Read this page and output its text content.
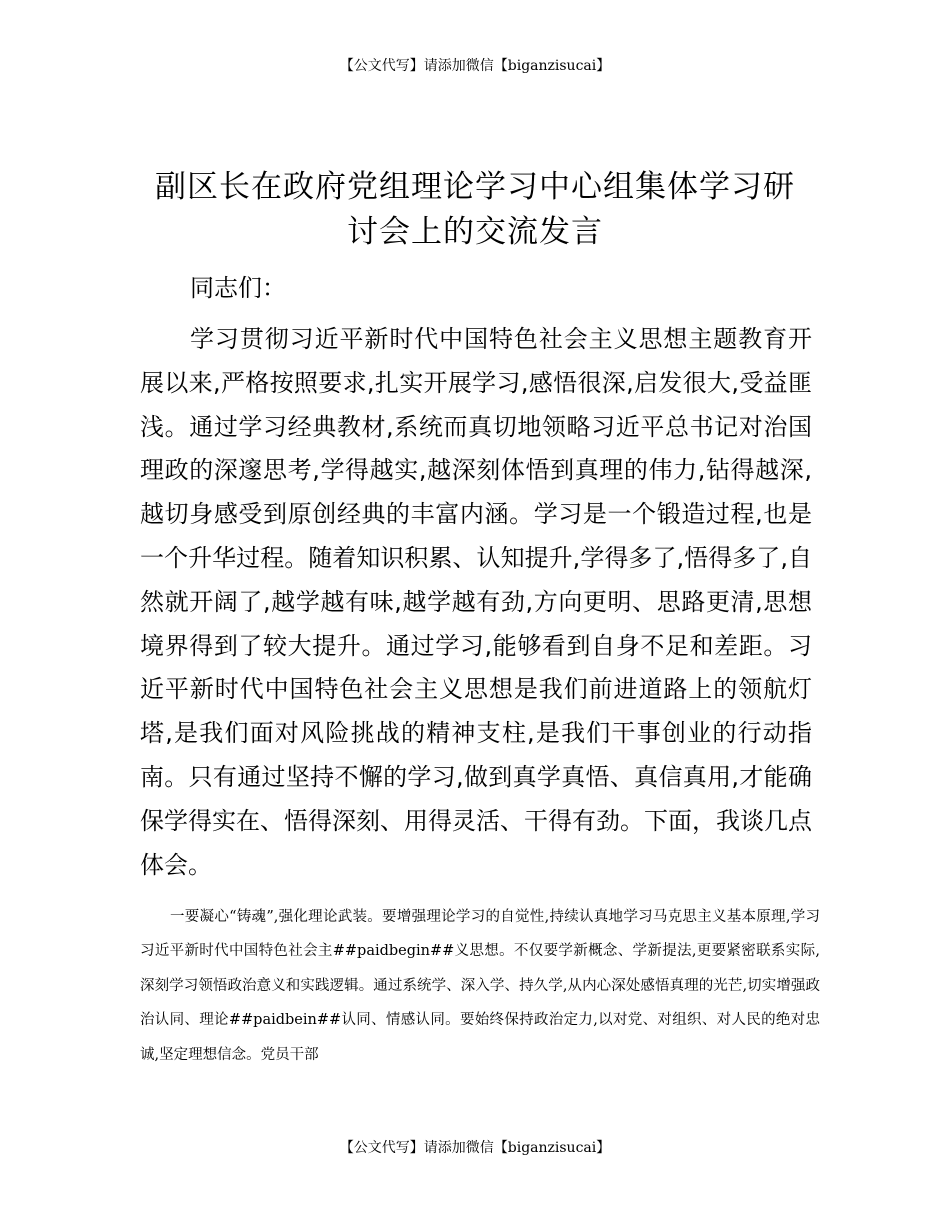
【公文代写】请添加微信【biganzisucai】
副区长在政府党组理论学习中心组集体学习研讨会上的交流发言
同志们：

学习贯彻习近平新时代中国特色社会主义思想主题教育开展以来,严格按照要求,扎实开展学习,感悟很深,启发很大,受益匪浅。通过学习经典教材,系统而真切地领略习近平总书记对治国理政的深邃思考,学得越实,越深刻体悟到真理的伟力,钻得越深,越切身感受到原创经典的丰富内涵。学习是一个锻造过程,也是一个升华过程。随着知识积累、认知提升,学得多了,悟得多了,自然就开阔了,越学越有味,越学越有劲,方向更明、思路更清,思想境界得到了较大提升。通过学习,能够看到自身不足和差距。习近平新时代中国特色社会主义思想是我们前进道路上的领航灯塔,是我们面对风险挑战的精神支柱,是我们干事创业的行动指南。只有通过坚持不懈的学习,做到真学真悟、真信真用,才能确保学得实在、悟得深刻、用得灵活、干得有劲。下面，我谈几点体会。

一要凝心“铸魂”,强化理论武装。要增强理论学习的自觉性,持续认真地学习马克思主义基本原理,学习习近平新时代中国特色社会主##paidbegin##义思想。不仅要学新概念、学新提法,更要紧密联系实际,深刻学习领悟政治意义和实践逻辑。通过系统学、深入学、持久学,从内心深处感悟真理的光芒,切实增强政治认同、理论##paidbein##认同、情感认同。要始终保持政治定力,以对党、对组织、对人民的绝对忠诚,坚定理想信念。党员干部

【公文代写】请添加微信【biganzisucai】
